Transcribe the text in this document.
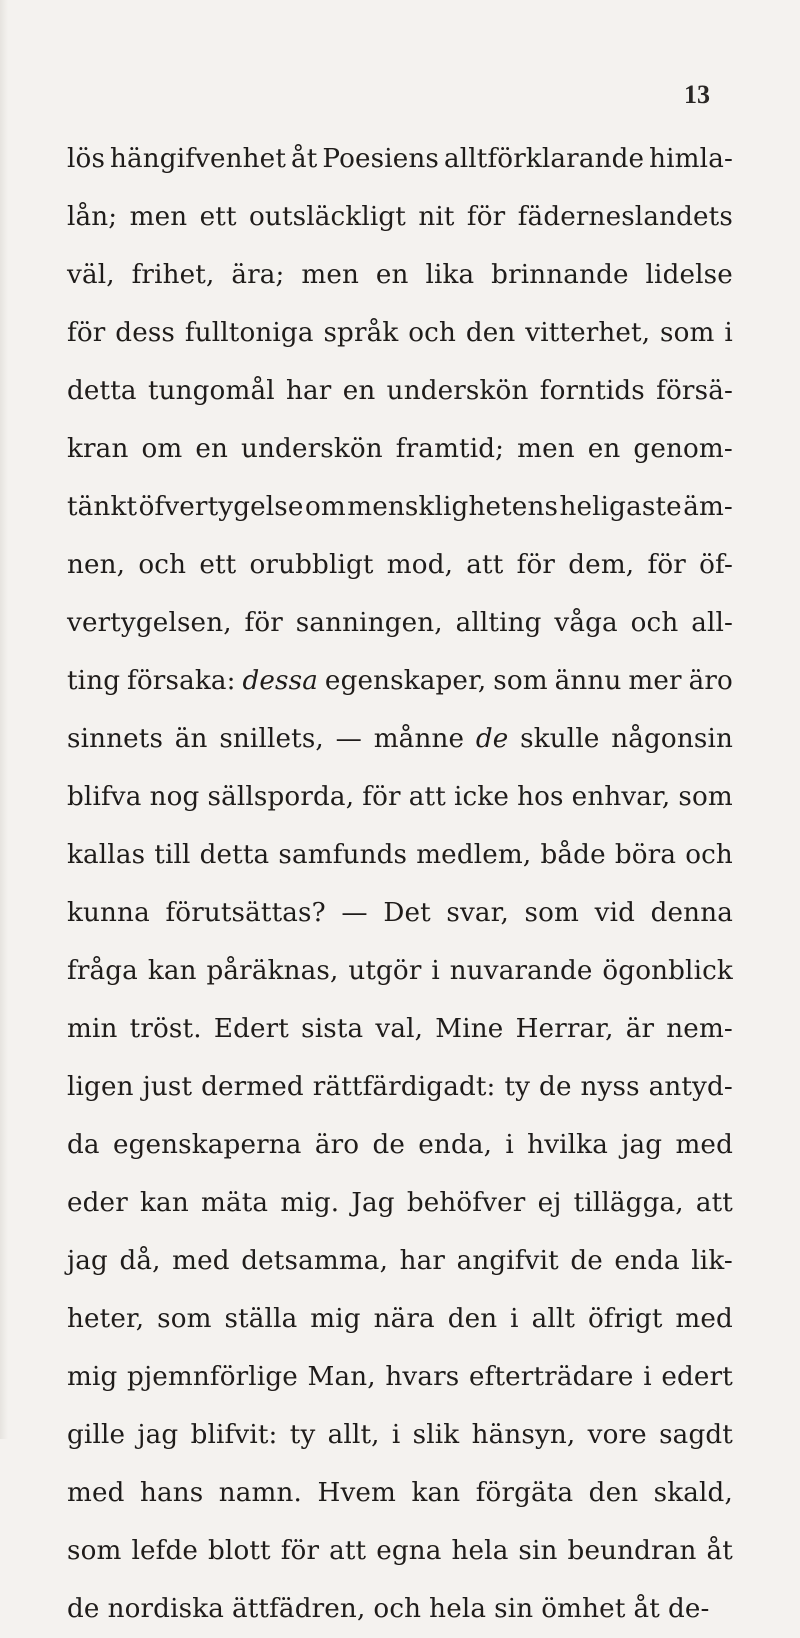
13
lös hängifvenhet åt Poesiens alltförklarande himla-
lån; men ett outsläckligt nit för fäderneslandets
väl, frihet, ära; men en lika brinnande lidelse
för dess fulltoniga språk och den vitterhet, som i
detta tungomål har en underskön forntids försä-
kran om en underskön framtid; men en genom-
tänkt öfvertygelse om mensklighetens heligaste äm-
nen, och ett orubbligt mod, att för dem, för öf-
vertygelsen, för sanningen, allting våga och all-
ting försaka: dessa egenskaper, som ännu mer äro
sinnets än snillets, — månne de skulle någonsin
blifva nog sällsporda, för att icke hos enhvar, som
kallas till detta samfunds medlem, både böra och
kunna förutsättas? — Det svar, som vid denna
fråga kan påräknas, utgör i nuvarande ögonblick
min tröst. Edert sista val, Mine Herrar, är nem-
ligen just dermed rättfärdigadt: ty de nyss antyd-
da egenskaperna äro de enda, i hvilka jag med
eder kan mäta mig. Jag behöfver ej tillägga, att
jag då, med detsamma, har angifvit de enda lik-
heter, som ställa mig nära den i allt öfrigt med
mig pjemnförlige Man, hvars efterträdare i edert
gille jag blifvit: ty allt, i slik hänsyn, vore sagdt
med hans namn. Hvem kan förgäta den skald,
som lefde blott för att egna hela sin beundran åt
de nordiska ättfädren, och hela sin ömhet åt de-
